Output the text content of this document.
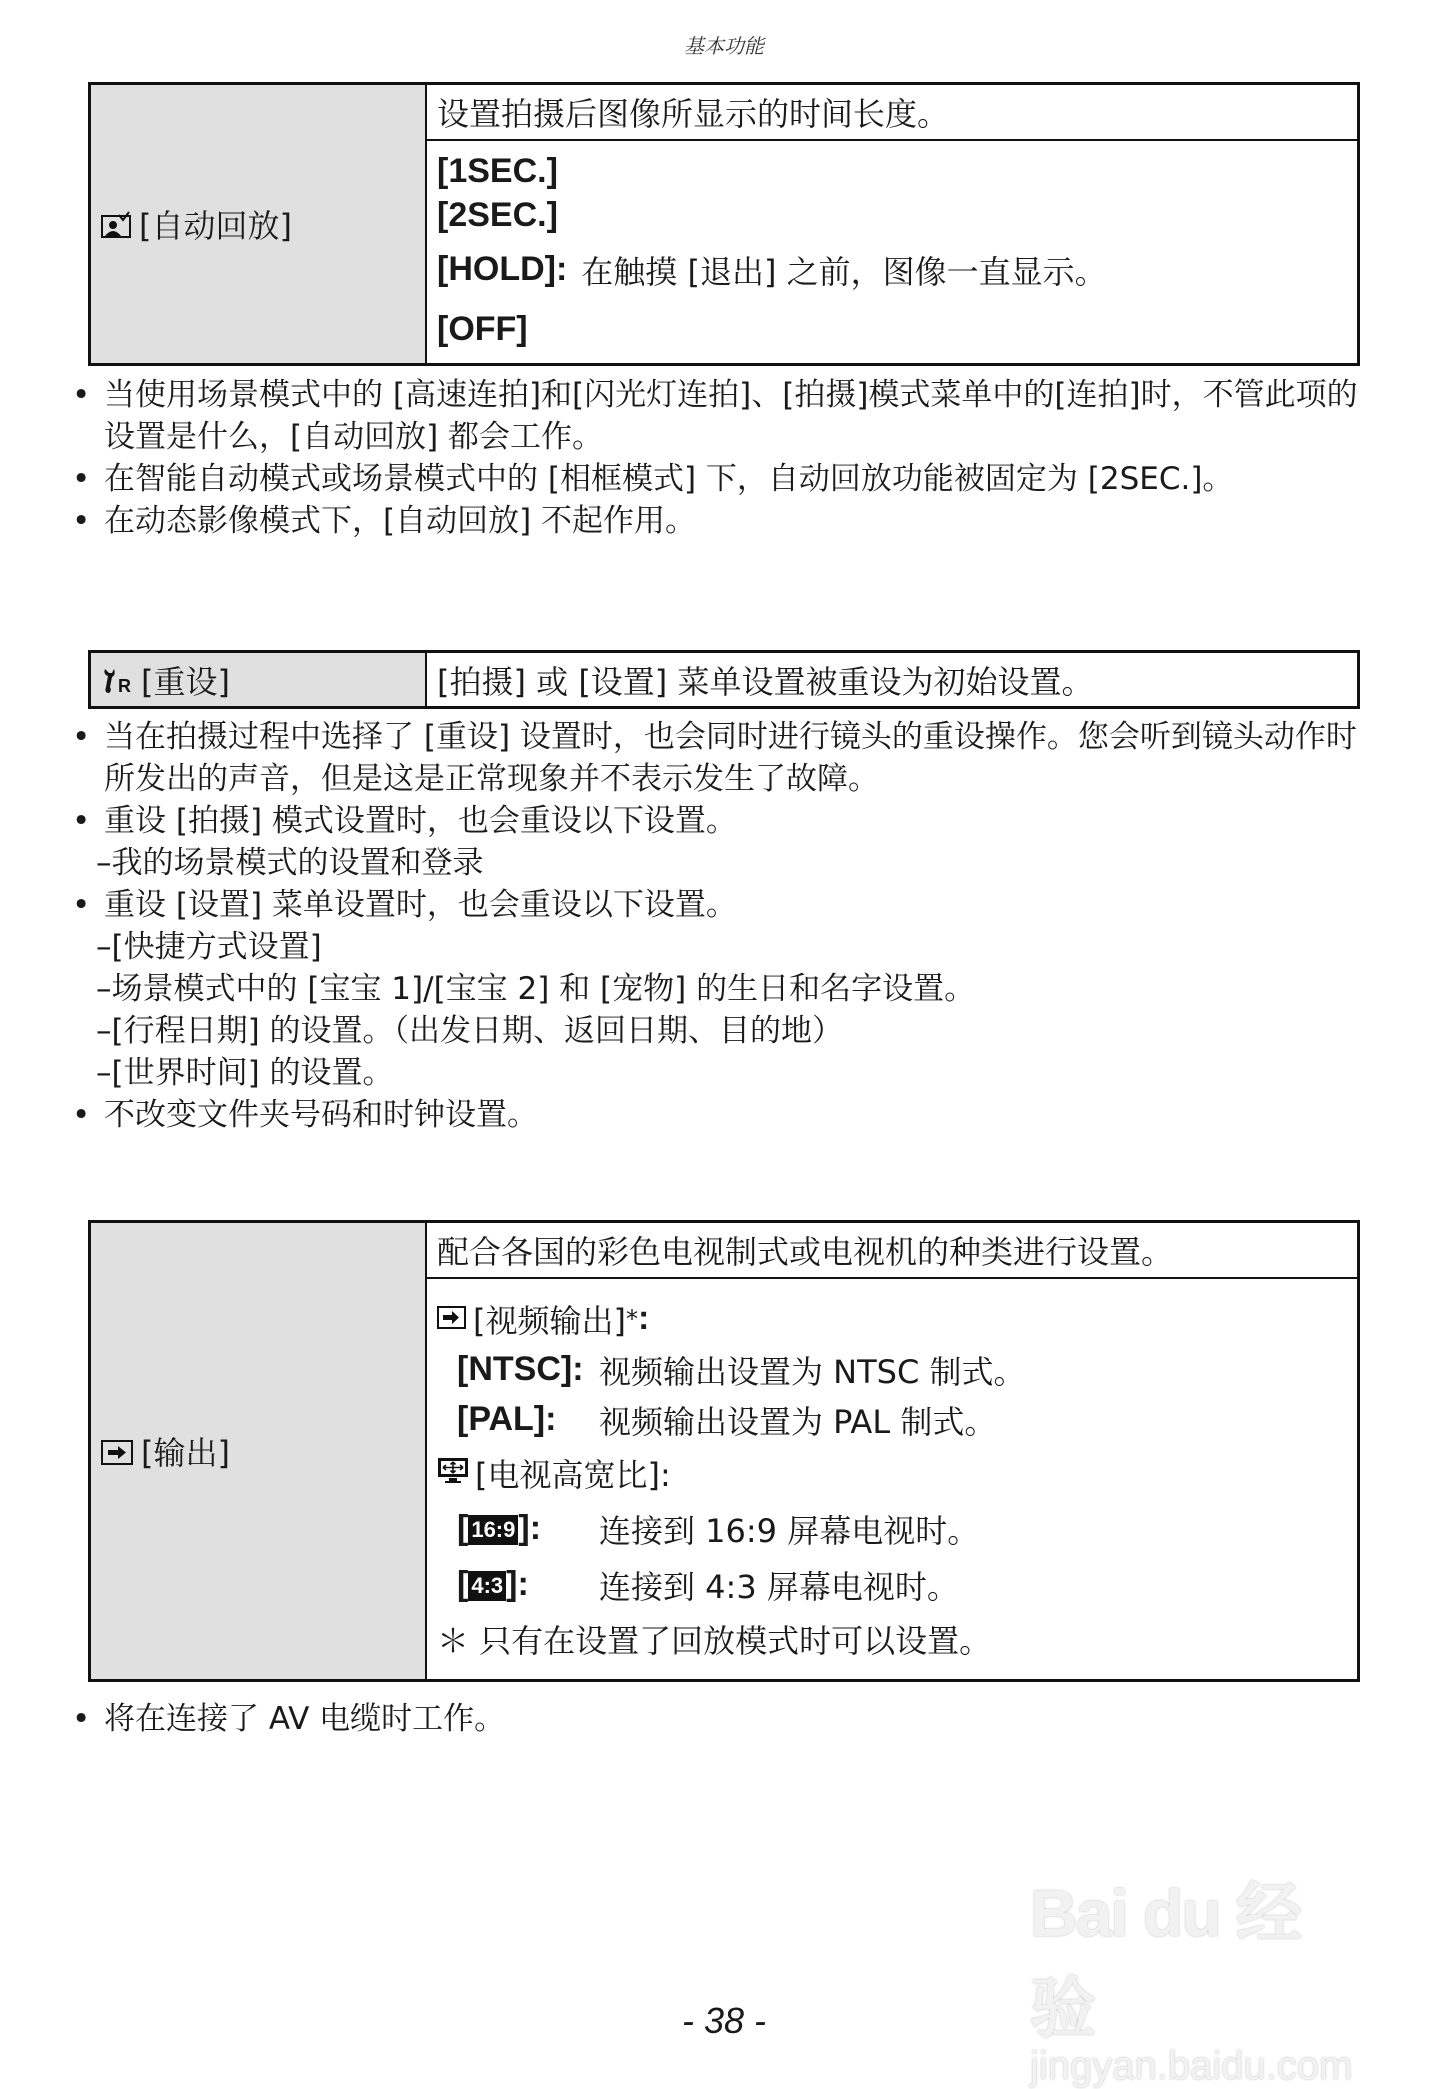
基本功能
[自动回放]	设置拍摄后图像所显示的时间长度。

[1SEC.]
[2SEC.]
[HOLD]: 在触摸 [退出] 之前，图像一直显示。
[OFF]
• 当使用场景模式中的 [高速连拍]和[闪光灯连拍]、[拍摄]模式菜单中的[连拍]时，不管此项的设置是什么，[自动回放] 都会工作。
• 在智能自动模式或场景模式中的 [相框模式] 下，自动回放功能被固定为 [2SEC.]。
• 在动态影像模式下，[自动回放] 不起作用。
R [重设]	[拍摄] 或 [设置] 菜单设置被重设为初始设置。
• 当在拍摄过程中选择了 [重设] 设置时，也会同时进行镜头的重设操作。您会听到镜头动作时所发出的声音，但是这是正常现象并不表示发生了故障。
• 重设 [拍摄] 模式设置时，也会重设以下设置。
–我的场景模式的设置和登录
• 重设 [设置] 菜单设置时，也会重设以下设置。
–[快捷方式设置]
–场景模式中的 [宝宝 1]/[宝宝 2] 和 [宠物] 的生日和名字设置。
–[行程日期] 的设置。（出发日期、返回日期、目的地）
–[世界时间] 的设置。
• 不改变文件夹号码和时钟设置。
[输出]	配合各国的彩色电视制式或电视机的种类进行设置。

[视频输出] * :
[NTSC]: 视频输出设置为 NTSC 制式。
[PAL]:	视频输出设置为 PAL 制式。
[电视高宽比]:
[ 16:9]:	连接到 16:9 屏幕电视时。
[ 4:3]:	连接到 4:3 屏幕电视时。
＊ 只有在设置了回放模式时可以设置。
• 将在连接了 AV 电缆时工作。
Bai du 经验
jingyan.baidu.com
- 38 -
